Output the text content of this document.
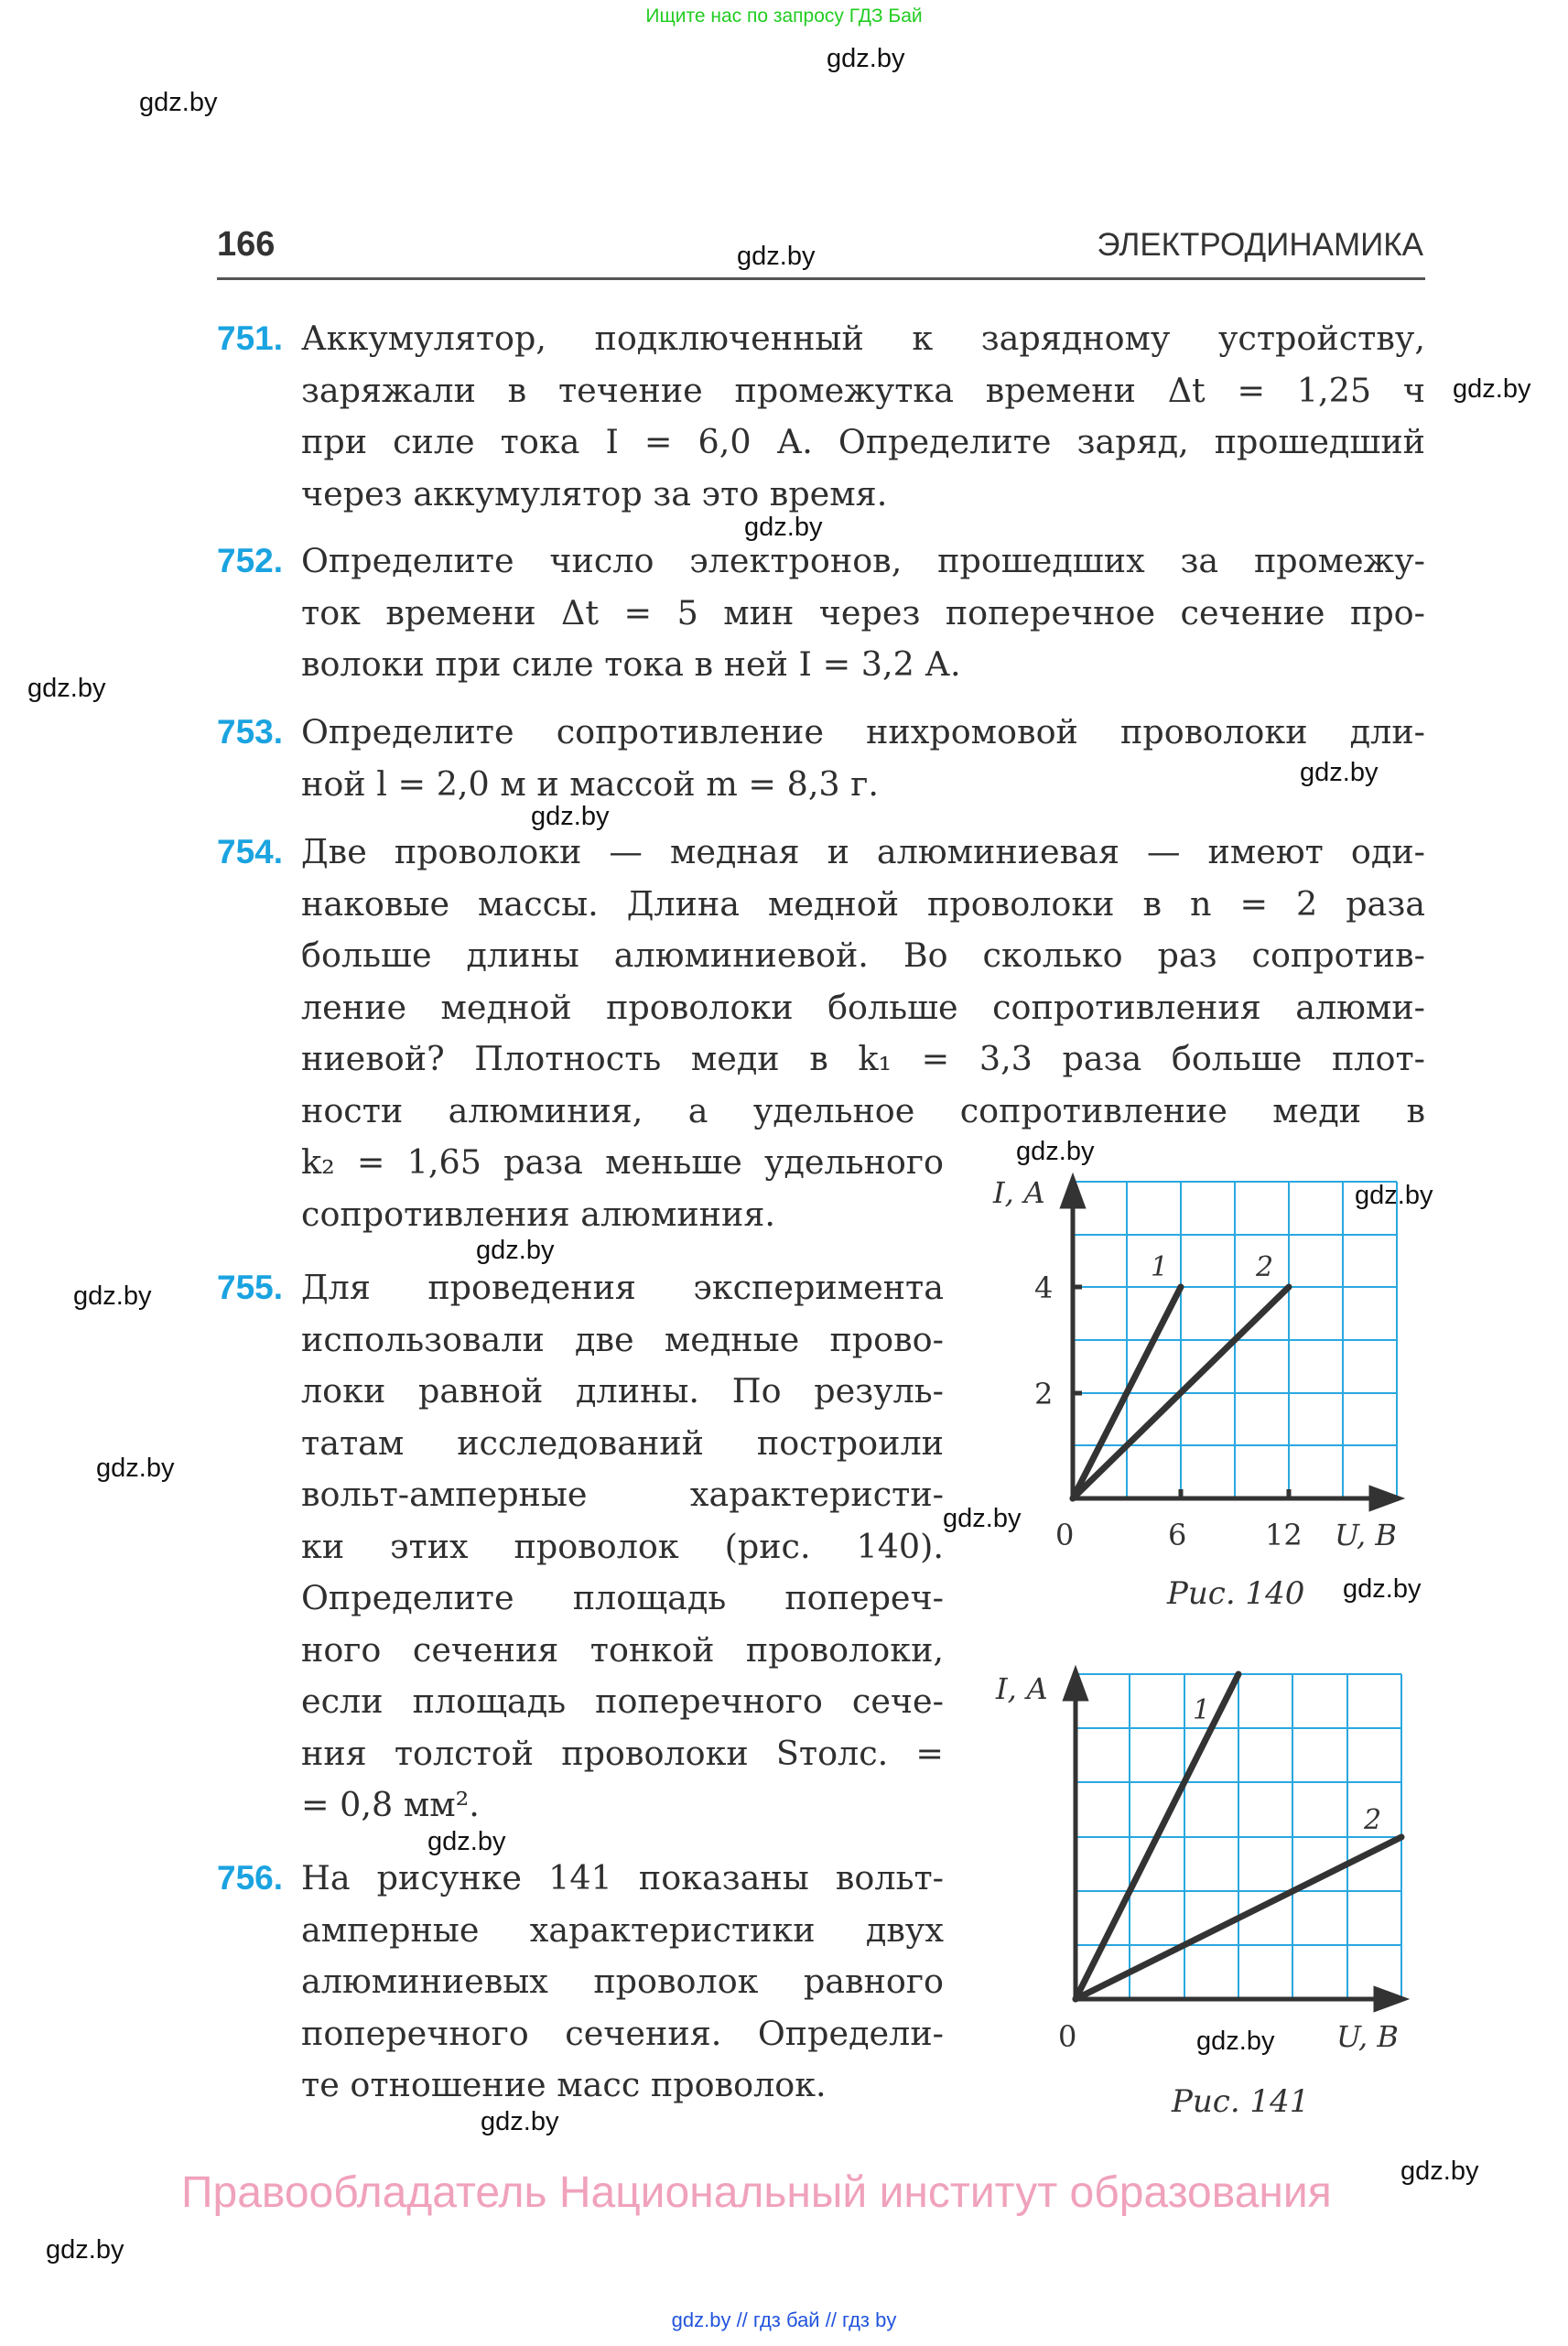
Ищите нас по запросу ГДЗ Бай
gdz.by
gdz.by
gdz.by
gdz.by
gdz.by
gdz.by
gdz.by
gdz.by
gdz.by
gdz.by
gdz.by
gdz.by
gdz.by
gdz.by
gdz.by
gdz.by
gdz.by
gdz.by
gdz.by
gdz.by
166	ЭЛЕКТРОДИНАМИКА
751. Аккумулятор, подключенный к зарядному устройству,
заряжали в течение промежутка времени Δt = 1,25 ч
при силе тока I = 6,0 А. Определите заряд, прошедший
через аккумулятор за это время.
752. Определите число электронов, прошедших за промежу-
ток времени Δt = 5 мин через поперечное сечение про-
волоки при силе тока в ней I = 3,2 А.
753. Определите сопротивление нихромовой проволоки дли-
ной l = 2,0 м и массой m = 8,3 г.
754. Две проволоки — медная и алюминиевая — имеют оди-
наковые массы. Длина медной проволоки в n = 2 раза
больше длины алюминиевой. Во сколько раз сопротив-
ление медной проволоки больше сопротивления алюми-
ниевой? Плотность меди в k₁ = 3,3 раза больше плот-
ности алюминия, а удельное сопротивление меди в
k₂ = 1,65 раза меньше удельного
сопротивления алюминия.
755. Для проведения эксперимента
использовали две медные прово-
локи равной длины. По резуль-
татам исследований построили
вольт-амперные характеристи-
ки этих проволок (рис. 140).
Определите площадь попереч-
ного сечения тонкой проволоки,
если площадь поперечного сече-
ния толстой проволоки Sтолс. =
= 0,8 мм².
756. На рисунке 141 показаны вольт-
амперные характеристики двух
алюминиевых проволок равного
поперечного сечения. Определи-
те отношение масс проволок.
I, А
4
2
0	6	12 U, В
1	2
Рис. 140
I, А
0	U, В
1
2
Рис. 141
Правообладатель Национальный институт образования
gdz.by // гдз бай // гдз by
